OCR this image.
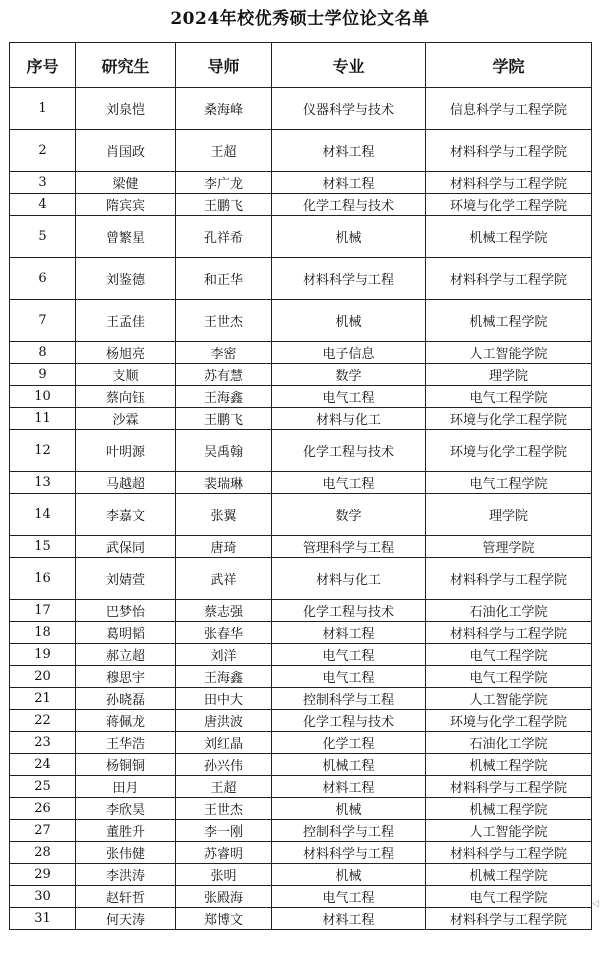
2024年校优秀硕士学位论文名单
序号	研究生	导师	专业	学院
1	刘泉恺	桑海峰	仪器科学与技术	信息科学与工程学院
2	肖国政	王超	材料工程	材料科学与工程学院
3	梁健	李广龙	材料工程	材料科学与工程学院
4	隋宾宾	王鹏飞	化学工程与技术	环境与化学工程学院
5	曾繁星	孔祥希	机械	机械工程学院
6	刘鉴德	和正华	材料科学与工程	材料科学与工程学院
7	王孟佳	王世杰	机械	机械工程学院
8	杨旭亮	李密	电子信息	人工智能学院
9	支顺	苏有慧	数学	理学院
10	蔡向钰	王海鑫	电气工程	电气工程学院
11	沙霖	王鹏飞	材料与化工	环境与化学工程学院
12	叶明源	吴禹翰	化学工程与技术	环境与化学工程学院
13	马越超	裴瑞琳	电气工程	电气工程学院
14	李嘉文	张翼	数学	理学院
15	武保同	唐琦	管理科学与工程	管理学院
16	刘婧萱	武祥	材料与化工	材料科学与工程学院
17	巴梦怡	蔡志强	化学工程与技术	石油化工学院
18	葛明韬	张春华	材料工程	材料科学与工程学院
19	郝立超	刘洋	电气工程	电气工程学院
20	穆思宇	王海鑫	电气工程	电气工程学院
21	孙晓磊	田中大	控制科学与工程	人工智能学院
22	蒋佩龙	唐洪波	化学工程与技术	环境与化学工程学院
23	王华浩	刘红晶	化学工程	石油化工学院
24	杨铜铜	孙兴伟	机械工程	机械工程学院
25	田月	王超	材料工程	材料科学与工程学院
26	李欣昊	王世杰	机械	机械工程学院
27	董胜升	李一刚	控制科学与工程	人工智能学院
28	张伟健	苏睿明	材料科学与工程	材料科学与工程学院
29	李洪涛	张明	机械	机械工程学院
30	赵轩哲	张殿海	电气工程	电气工程学院
31	何天涛	郑博文	材料工程	材料科学与工程学院
◁
